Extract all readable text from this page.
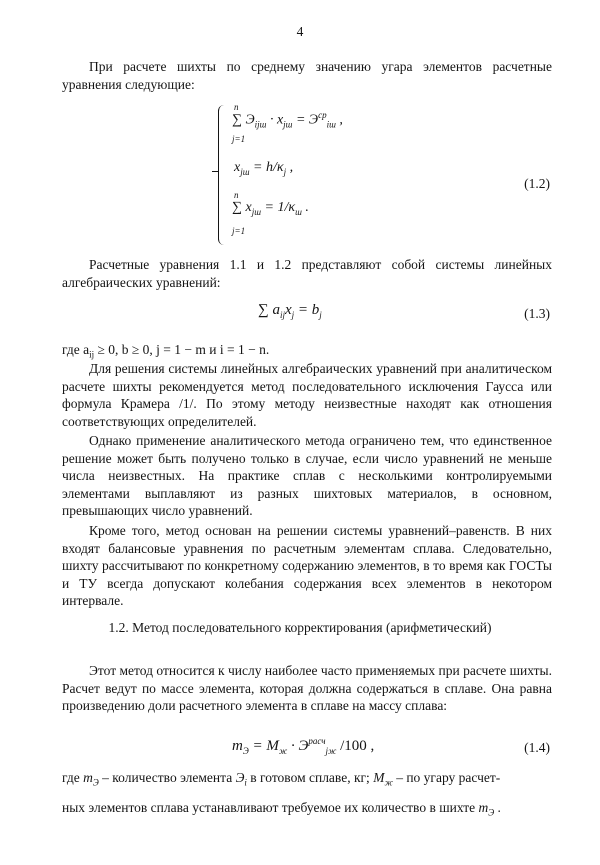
4

При расчете шихты по среднему значению угара элементов расчетные уравнения следующие:

n
∑ $Э_{ijш} \cdot x_{jш} = Э^{ср}_{iш}$ ,
j=1
$x_{jш} = h/\kappa_j$ ,
n
∑ $x_{jш} = 1/\kappa_ш$ .
j=1
(1.2)

Расчетные уравнения 1.1 и 1.2 представляют собой системы линейных алгебраических уравнений:

∑ $a_{ij}x_j = b_j$	(1.3)
где $a_{ij} \ge 0$, b ≥ 0, j = 1 − m и i = 1 − n.

Для решения системы линейных алгебраических уравнений при аналитическом расчете шихты рекомендуется метод последовательного исключения Гаусса или формула Крамера /1/. По этому методу неизвестные находят как отношения соответствующих определителей.

Однако применение аналитического метода ограничено тем, что единственное решение может быть получено только в случае, если число уравнений не меньше числа неизвестных. На практике сплав с несколькими контролируемыми элементами выплавляют из разных шихтовых материалов, в основном, превышающих число уравнений.

Кроме того, метод основан на решении системы уравнений–равенств. В них входят балансовые уравнения по расчетным элементам сплава. Следовательно, шихту рассчитывают по конкретному содержанию элементов, в то время как ГОСТы и ТУ всегда допускают колебания содержания всех элементов в некотором интервале.

1.2. Метод последовательного корректирования (арифметический)

Этот метод относится к числу наиболее часто применяемых при расчете шихты. Расчет ведут по массе элемента, которая должна содержаться в сплаве. Она равна произведению доли расчетного элемента в сплаве на массу сплава:

$m_Э = M_ж \cdot Э^{расч}_{jж}$ /100 ,	(1.4)
где $m_Э$ – количество элемента $Э_i$ в готовом сплаве, кг; $M_ж$ – по угару расчет-
ных элементов сплава устанавливают требуемое их количество в шихте $m_Э$ .
